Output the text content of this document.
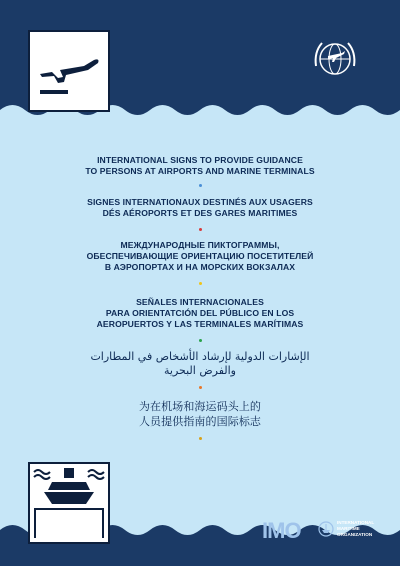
INTERNATIONAL SIGNS TO PROVIDE GUIDANCE
TO PERSONS AT AIRPORTS AND MARINE TERMINALS
SIGNES INTERNATIONAUX DESTINÉS AUX USAGERS
DÉS AÉROPORTS ET DES GARES MARITIMES
МЕЖДУНАРОДНЫЕ ПИКТОГРАММЫ,
ОБЕСПЕЧИВАЮЩИЕ ОРИЕНТАЦИЮ ПОСЕТИТЕЛЕЙ
В АЭРОПОРТАХ И НА МОРСКИХ ВОКЗАЛАХ
SEÑALES INTERNACIONALES
PARA ORIENTATCIÓN DEL PÚBLICO EN LOS
AEROPUERTOS Y LAS TERMINALES MARÍTIMAS
الإشارات الدولية لإرشاد الأشخاص في المطارات
والفرض البحرية
为在机场和海运码头上的
人员提供指南的国际标志
IMO	INTERNATIONAL
MARITIME
ORGANIZATION
